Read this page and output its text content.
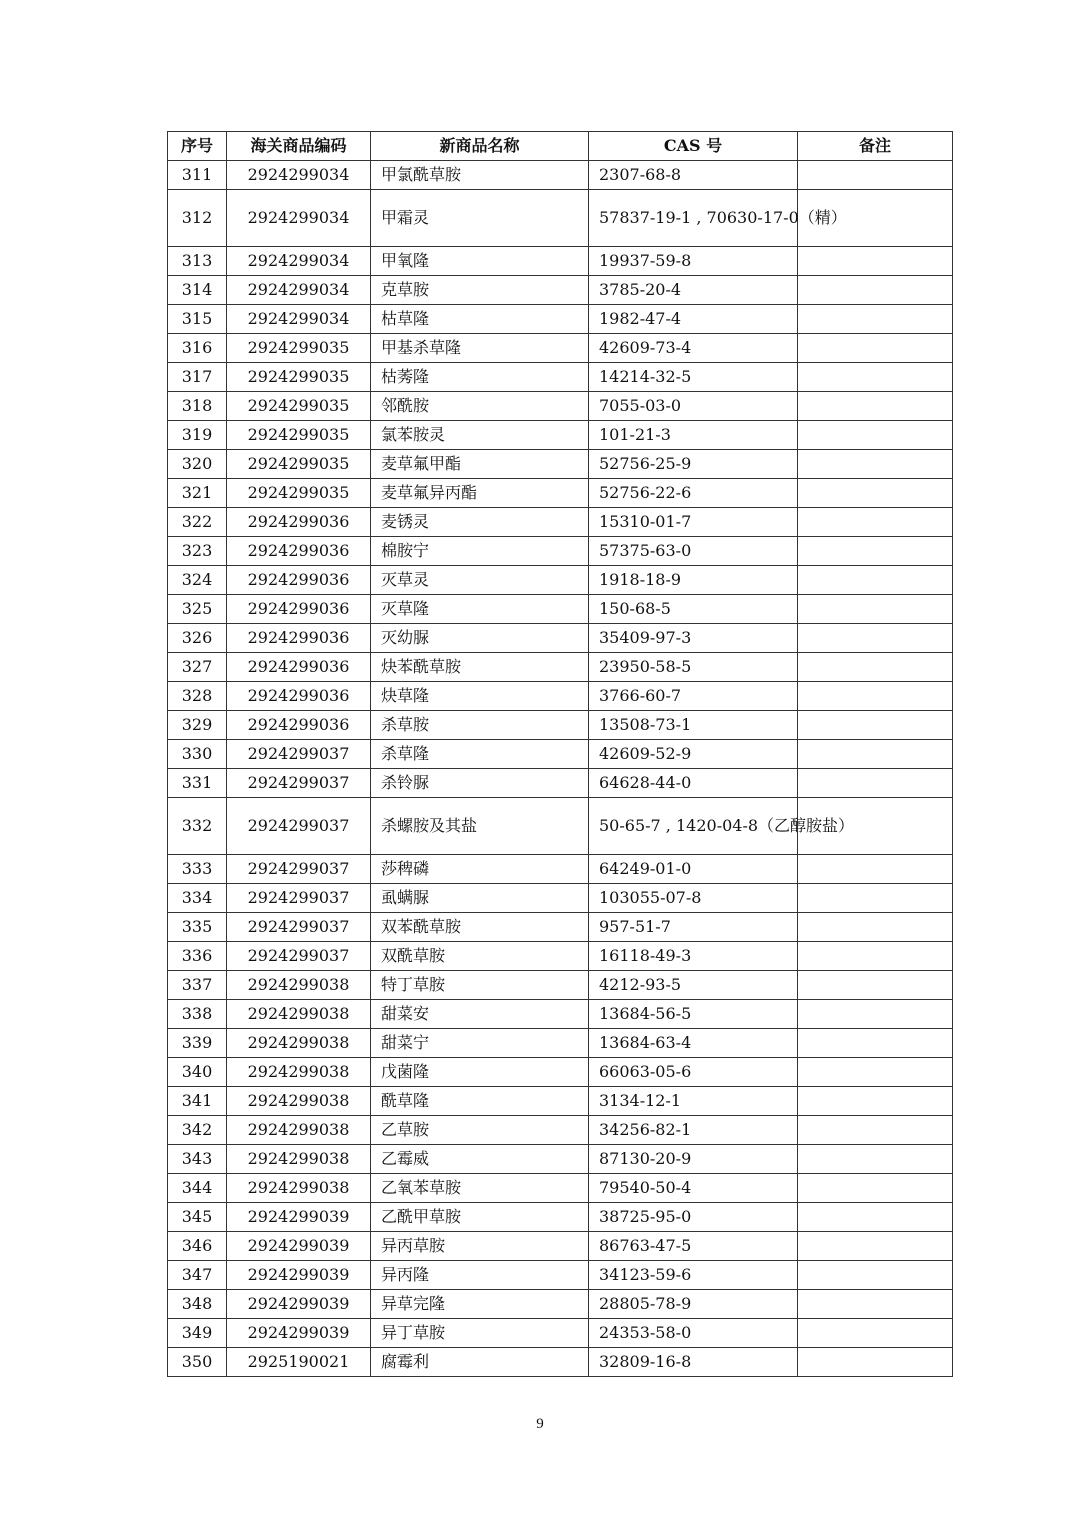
序号	海关商品编码	新商品名称	CAS 号	备注
311	2924299034	甲氯酰草胺	2307-68-8	
312	2924299034	甲霜灵	57837-19-1 , 70630-17-0（精）	
313	2924299034	甲氧隆	19937-59-8	
314	2924299034	克草胺	3785-20-4	
315	2924299034	枯草隆	1982-47-4	
316	2924299035	甲基杀草隆	42609-73-4	
317	2924299035	枯莠隆	14214-32-5	
318	2924299035	邻酰胺	7055-03-0	
319	2924299035	氯苯胺灵	101-21-3	
320	2924299035	麦草氟甲酯	52756-25-9	
321	2924299035	麦草氟异丙酯	52756-22-6	
322	2924299036	麦锈灵	15310-01-7	
323	2924299036	棉胺宁	57375-63-0	
324	2924299036	灭草灵	1918-18-9	
325	2924299036	灭草隆	150-68-5	
326	2924299036	灭幼脲	35409-97-3	
327	2924299036	炔苯酰草胺	23950-58-5	
328	2924299036	炔草隆	3766-60-7	
329	2924299036	杀草胺	13508-73-1	
330	2924299037	杀草隆	42609-52-9	
331	2924299037	杀铃脲	64628-44-0	
332	2924299037	杀螺胺及其盐	50-65-7 , 1420-04-8（乙醇胺盐）	
333	2924299037	莎稗磷	64249-01-0	
334	2924299037	虱螨脲	103055-07-8	
335	2924299037	双苯酰草胺	957-51-7	
336	2924299037	双酰草胺	16118-49-3	
337	2924299038	特丁草胺	4212-93-5	
338	2924299038	甜菜安	13684-56-5	
339	2924299038	甜菜宁	13684-63-4	
340	2924299038	戊菌隆	66063-05-6	
341	2924299038	酰草隆	3134-12-1	
342	2924299038	乙草胺	34256-82-1	
343	2924299038	乙霉威	87130-20-9	
344	2924299038	乙氧苯草胺	79540-50-4	
345	2924299039	乙酰甲草胺	38725-95-0	
346	2924299039	异丙草胺	86763-47-5	
347	2924299039	异丙隆	34123-59-6	
348	2924299039	异草完隆	28805-78-9	
349	2924299039	异丁草胺	24353-58-0	
350	2925190021	腐霉利	32809-16-8	
9
